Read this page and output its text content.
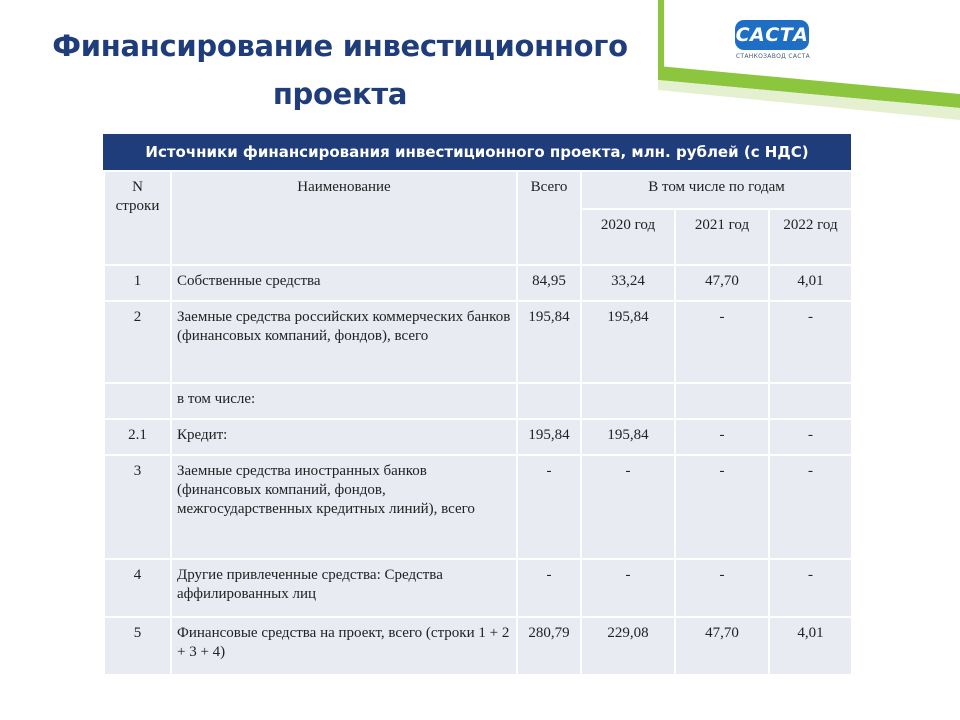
Финансирование инвестиционного
проекта
САСТА
СТАНКОЗАВОД САСТА
Источники финансирования инвестиционного проекта, млн. рублей (с НДС)
N строки	Наименование	Всего	В том числе по годам		
			2020 год	2021 год	2022 год
1	Собственные средства	84,95	33,24	47,70	4,01
2	Заемные средства российских коммерческих банков (финансовых компаний, фондов), всего	195,84	195,84	-	-
	в том числе:				
2.1	Кредит:	195,84	195,84	-	-
3	Заемные средства иностранных банков (финансовых компаний, фондов, межгосударственных кредитных линий), всего	-	-	-	-
4	Другие привлеченные средства: Средства аффилированных лиц	-	-	-	-
5	Финансовые средства на проект, всего (строки 1 + 2 + 3 + 4)	280,79	229,08	47,70	4,01
